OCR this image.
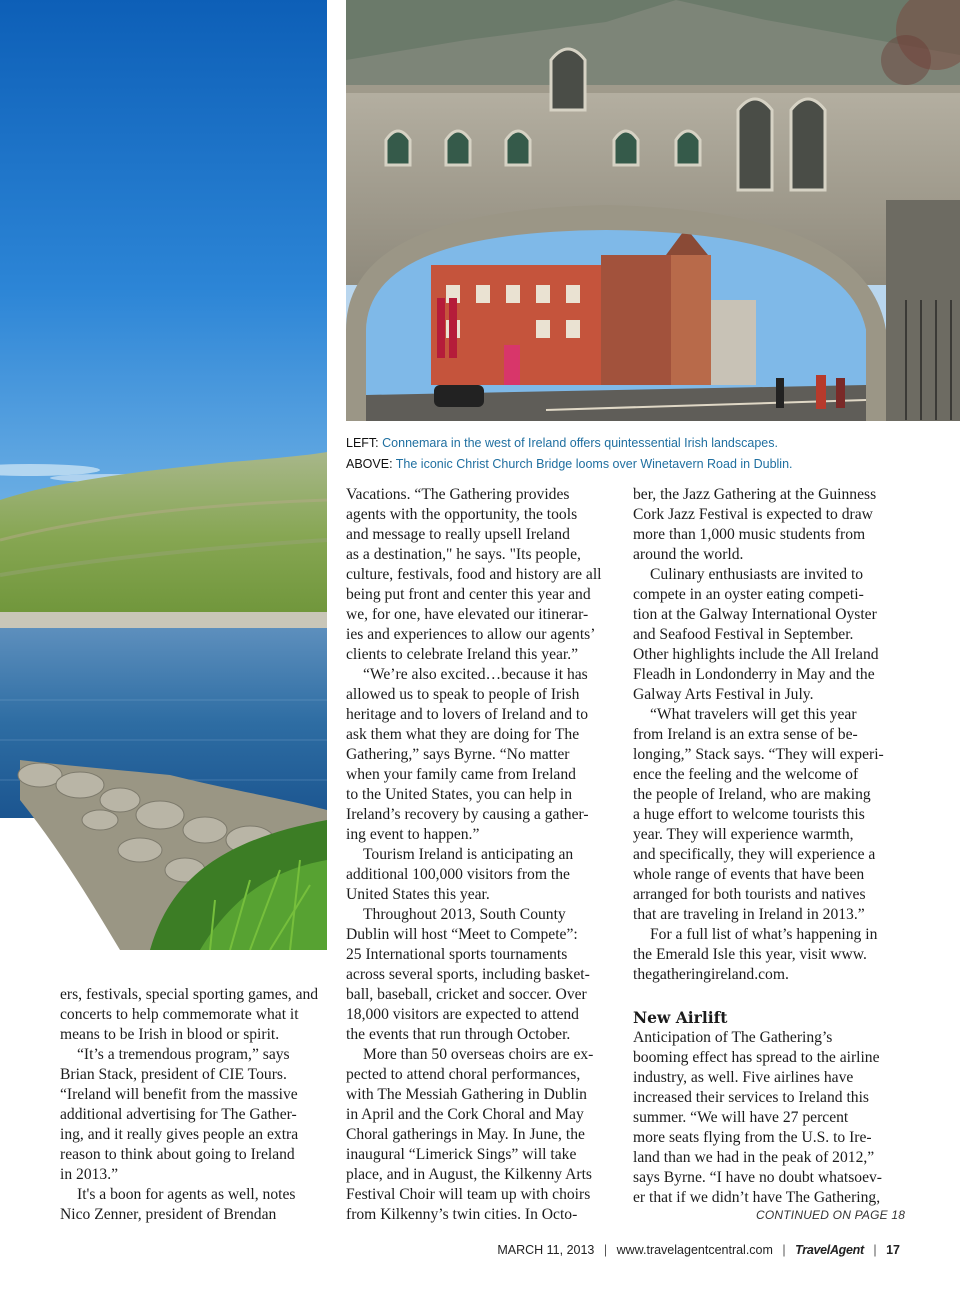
LEFT: Connemara in the west of Ireland offers quintessential Irish landscapes.
ABOVE: The iconic Christ Church Bridge looms over Winetavern Road in Dublin.
ers, festivals, special sporting games, and
concerts to help commemorate what it
means to be Irish in blood or spirit.
“It’s a tremendous program,” says
Brian Stack, president of CIE Tours.
“Ireland will benefit from the massive
additional advertising for The Gather-
ing, and it really gives people an extra
reason to think about going to Ireland
in 2013.”
It's a boon for agents as well, notes
Nico Zenner, president of Brendan
Vacations. “The Gathering provides
agents with the opportunity, the tools
and message to really upsell Ireland
as a destination," he says. "Its people,
culture, festivals, food and history are all
being put front and center this year and
we, for one, have elevated our itinerar-
ies and experiences to allow our agents’
clients to celebrate Ireland this year.”
“We’re also excited…because it has
allowed us to speak to people of Irish
heritage and to lovers of Ireland and to
ask them what they are doing for The
Gathering,” says Byrne. “No matter
when your family came from Ireland
to the United States, you can help in
Ireland’s recovery by causing a gather-
ing event to happen.”
Tourism Ireland is anticipating an
additional 100,000 visitors from the
United States this year.
Throughout 2013, South County
Dublin will host “Meet to Compete”:
25 International sports tournaments
across several sports, including basket-
ball, baseball, cricket and soccer. Over
18,000 visitors are expected to attend
the events that run through October.
More than 50 overseas choirs are ex-
pected to attend choral performances,
with The Messiah Gathering in Dublin
in April and the Cork Choral and May
Choral gatherings in May. In June, the
inaugural “Limerick Sings” will take
place, and in August, the Kilkenny Arts
Festival Choir will team up with choirs
from Kilkenny’s twin cities. In Octo-
ber, the Jazz Gathering at the Guinness
Cork Jazz Festival is expected to draw
more than 1,000 music students from
around the world.
Culinary enthusiasts are invited to
compete in an oyster eating competi-
tion at the Galway International Oyster
and Seafood Festival in September.
Other highlights include the All Ireland
Fleadh in Londonderry in May and the
Galway Arts Festival in July.
“What travelers will get this year
from Ireland is an extra sense of be-
longing,” Stack says. “They will experi-
ence the feeling and the welcome of
the people of Ireland, who are making
a huge effort to welcome tourists this
year. They will experience warmth,
and specifically, they will experience a
whole range of events that have been
arranged for both tourists and natives
that are traveling in Ireland in 2013.”
For a full list of what’s happening in
the Emerald Isle this year, visit www.
thegatheringireland.com.
New Airlift
Anticipation of The Gathering’s
booming effect has spread to the airline
industry, as well. Five airlines have
increased their services to Ireland this
summer. “We will have 27 percent
more seats flying from the U.S. to Ire-
land than we had in the peak of 2012,”
says Byrne. “I have no doubt whatsoev-
er that if we didn’t have The Gathering,
CONTINUED ON PAGE 18
MARCH 11, 2013 | www.travelagentcentral.com | TravelAgent | 17
